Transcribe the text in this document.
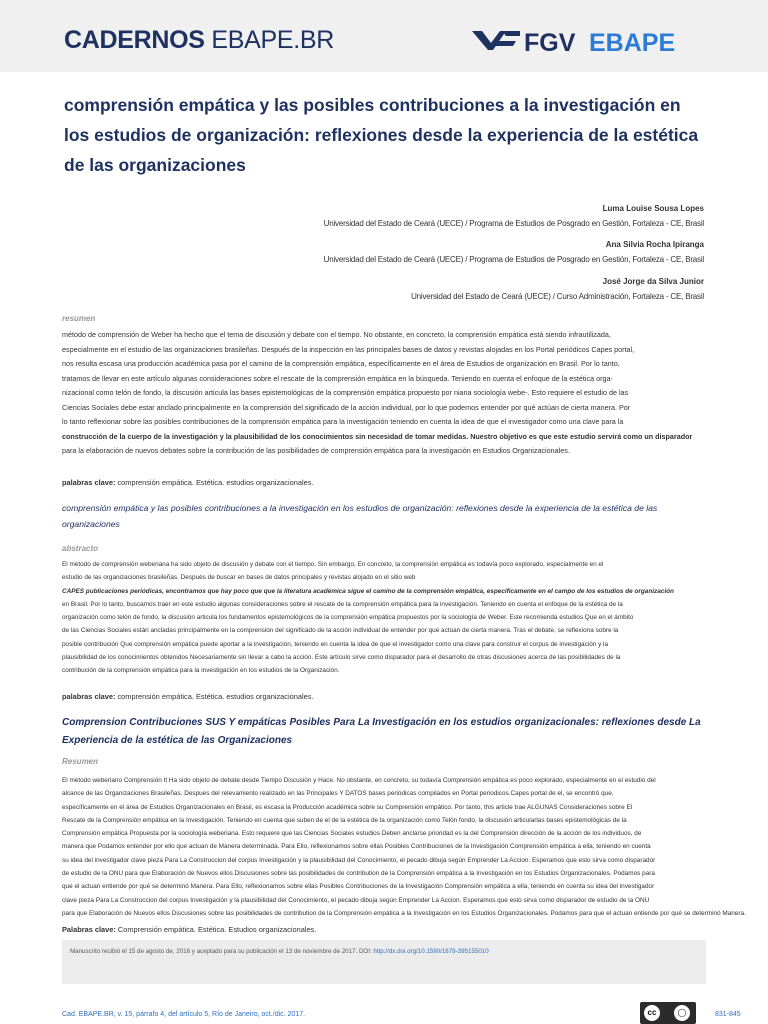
CADERNOS EBAPE.BR	FGV EBAPE
comprensión empática y las posibles contribuciones a la investigación en los estudios de organización: reflexiones desde la experiencia de la estética de las organizaciones
Luma Louise Sousa Lopes
Universidad del Estado de Ceará (UECE) / Programa de Estudios de Posgrado en Gestión, Fortaleza - CE, Brasil
Ana Silvia Rocha Ipiranga
Universidad del Estado de Ceará (UECE) / Programa de Estudios de Posgrado en Gestión, Fortaleza - CE, Brasil
José Jorge da Silva Junior
Universidad del Estado de Ceará (UECE) / Curso Administración, Fortaleza - CE, Brasil
resumen
método de comprensión de Weber ha hecho que el tema de discusión y debate con el tiempo. No obstante, en concreto, la comprensión empática está siendo infrautilizada,
especialmente en el estudio de las organizaciones brasileñas. Después de la inspección en las principales bases de datos y revistas alojadas en los Portal periódicos Capes portal,
nos resulta escasa una producción académica pasa por el camino de la comprensión empática, específicamente en el área de Estudios de organización en Brasil. Por lo tanto,
tratamos de llevar en este artículo algunas consideraciones sobre el rescate de la comprensión empática en la búsqueda. Teniendo en cuenta el enfoque de la estética orga-
nizacional como telón de fondo, la discusión articula las bases epistemológicas de la comprensión empática propuesto por niana sociología webe-. Esto requiere el estudio de las
Ciencias Sociales debe estar anclado principalmente en la comprensión del significado de la acción individual, por lo que podemos entender por qué actúan de cierta manera. Por
lo tanto reflexionar sobre las posibles contribuciones de la comprensión empática para la investigación teniendo en cuenta la idea de que el investigador como una clave para la
construcción de la cuerpo de la investigación y la plausibilidad de los conocimientos sin necesidad de tomar medidas. Nuestro objetivo es que este estudio servirá como un disparador
para la elaboración de nuevos debates sobre la contribución de las posibilidades de comprensión empática para la investigación en Estudios Organizacionales.
palabras clave: comprensión empática. Estética. estudios organizacionales.
comprensión empática y las posibles contribuciones a la investigación en los estudios de organización: reflexiones desde la experiencia de la estética de las organizaciones
abstracto
El método de comprensión weberiana ha sido objeto de discusión y debate con el tiempo. Sin embargo, En concreto, la comprensión empática es todavía poco explorado, especialmente en el
estudio de las organizaciones brasileñas. Después de buscar en bases de datos principales y revistas alojado en el sitio web
CAPES publicaciones periódicas, encontramos que hay poco que que la literatura académica sigue el camino de la comprensión empática, específicamente en el campo de los estudios de organización
en Brasil. Por lo tanto, buscamos traer en este estudio algunas consideraciones sobre el rescate de la comprensión empática para la investigación. Teniendo en cuenta el enfoque de la estética de la
organización como telón de fondo, la discusión articula los fundamentos epistemológicos de la comprensión empática propuestos por la sociología de Weber. Este recomienda estudios Que en el ámbito
de las Ciencias Sociales están ancladas principalmente en la comprensión del significado de la acción individual de entender por qué actúan de cierta manera. Tras el debate, se reflexiona sobre la
posible contribución Que comprensión empática puede aportar a la investigación, teniendo en cuenta la idea de que el investigador como una clave para construir el corpus de investigación y la
plausibilidad de los conocimientos obtenidos Necesariamente sin llevar a cabo la acción. Este artículo sirve como disparador para el desarrollo de otras discusiones acerca de las posibilidades de la
contribución de la comprensión empática para la investigación en los estudios de la Organización.
palabras clave: comprensión empática. Estética. estudios organizacionales.
Comprension Contribuciones SUS Y empáticas Posibles Para La Investigación en los estudios organizacionales: reflexiones desde La Experiencia de la estética de las Organizaciones
Resumen
El método weberiano Comprensión It Ha sido objeto de debate desde Tiempo Discusión y Hace. No obstante, en concreto, su todavía Comprensión empática es poco explorado, especialmente en el estudio del
alcance de las Organizaciones Brasileñas. Despues del relevamiento realizado en las Principales Y DATOS bases periódicas compilados en Portal periodicos.Capes portal de el, se encontró que,
específicamente en el área de Estudios Organizacionales en Brasil, es escasa la Producción académica sobre su Comprensión empático. Por tanto, this article trae ALGUNAS Consideraciones sobre El
Rescate de la Comprensión empática en la Investigación. Teniendo en cuenta que suben de el de la estética de la organización como Telón fondo, la discusión articularlas bases epistemológicas de la
Comprensión empática Propuesta por la sociología weberiana. Esto requiere que las Ciencias Sociales estudios Deben anclarse prioridad es la del Comprensión dirección de la acción de los individuos, de
manera que Podamos entender por ello que actuan de Manera determinada. Para Ello, reflexionamos sobre ellas Posibles Contribuciones de la Investigación Comprensión empática a ella, teniendo en cuenta
su idea del investigador clave pieza Para La Construccion del corpus Investigación y la plausibilidad del Conocimiento, el pecado dibuja según Emprender La Accion. Esperamos que esto sirva como disparador
de estudio de la ONU para que Elaboración de Nuevos ellos Discusiones sobre las posibilidades de contribution de la Comprensión empática a la Investigación en los Estudios Organizacionales. Podamos para
que el actuan entiende por qué se determinó Manera. Para Ello, reflexionamos sobre ellas Posibles Contribuciones de la Investigación Comprensión empática a ella, teniendo en cuenta su idea del investigador
clave pieza Para La Construccion del corpus Investigación y la plausibilidad del Conocimiento, el pecado dibuja según Emprender La Accion. Esperamos que esto sirva como disparador de estudio de la ONU
para que Elaboración de Nuevos ellos Discusiones sobre las posibilidades de contribution de la Comprensión empática a la Investigación en los Estudios Organizacionales. Podamos para que el actuan entiende por qué se determinó Manera.
Palabras clave: Comprensión empática. Estética. Estudios organizacionales.
Manuscrito recibió el 15 de agosto de, 2016 y aceptado para su publicación el 13 de noviembre de 2017. DOI: http://dx.doi.org/10.1590/1679-395155010
Cad. EBAPE.BR, v. 15, párrafo 4, del artículo 5, Río de Janeiro, oct./dic. 2017.	cc	◯	831-845
